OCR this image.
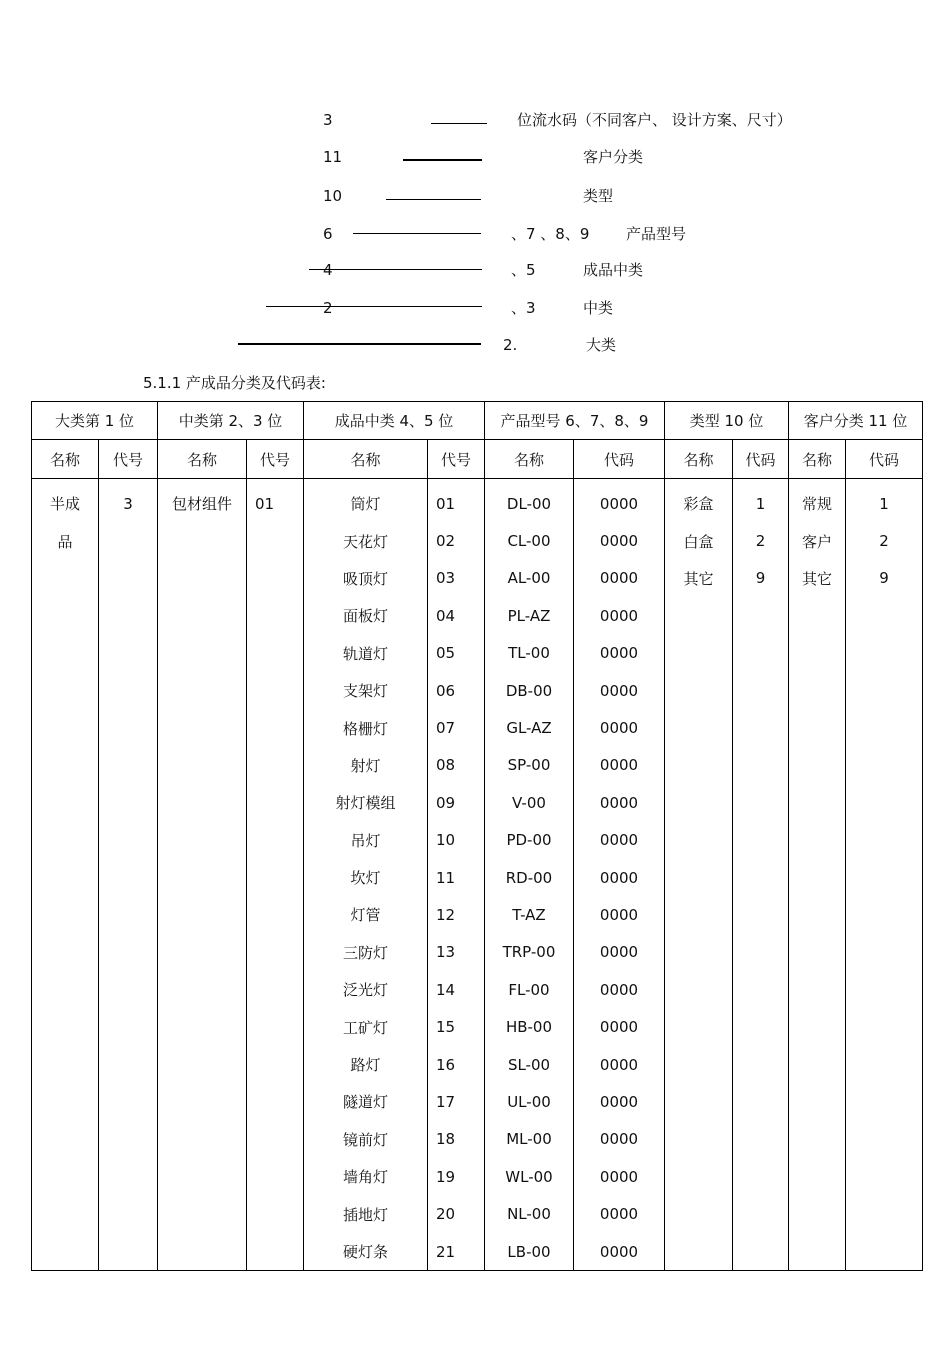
3	位流水码（不同客户、 设计方案、尺寸）
11	客户分类
10	类型
6	、7 、8、9 产品型号
4	、5	成品中类
2	、3	中类
2.	大类
5.1.1 产成品分类及代码表:
大类第 1 位		中类第 2、3 位		成品中类 4、5 位		产品型号 6、7、8、9		类型 10 位		客户分类 11 位	
名称	代号	名称	代号	名称	代号	名称	代码	名称	代码	名称	代码
半成	3	包材组件	01	筒灯	01	DL-00	0000	彩盒	1	常规	1
品				天花灯	02	CL-00	0000	白盒	2	客户	2
				吸顶灯	03	AL-00	0000	其它	9	其它	9
				面板灯	04	PL-AZ	0000				
				轨道灯	05	TL-00	0000				
				支架灯	06	DB-00	0000				
				格栅灯	07	GL-AZ	0000				
				射灯	08	SP-00	0000				
				射灯模组	09	V-00	0000				
				吊灯	10	PD-00	0000				
				坎灯	11	RD-00	0000				
				灯管	12	T-AZ	0000				
				三防灯	13	TRP-00	0000				
				泛光灯	14	FL-00	0000				
				工矿灯	15	HB-00	0000				
				路灯	16	SL-00	0000				
				隧道灯	17	UL-00	0000				
				镜前灯	18	ML-00	0000				
				墙角灯	19	WL-00	0000				
				插地灯	20	NL-00	0000				
				硬灯条	21	LB-00	0000				
